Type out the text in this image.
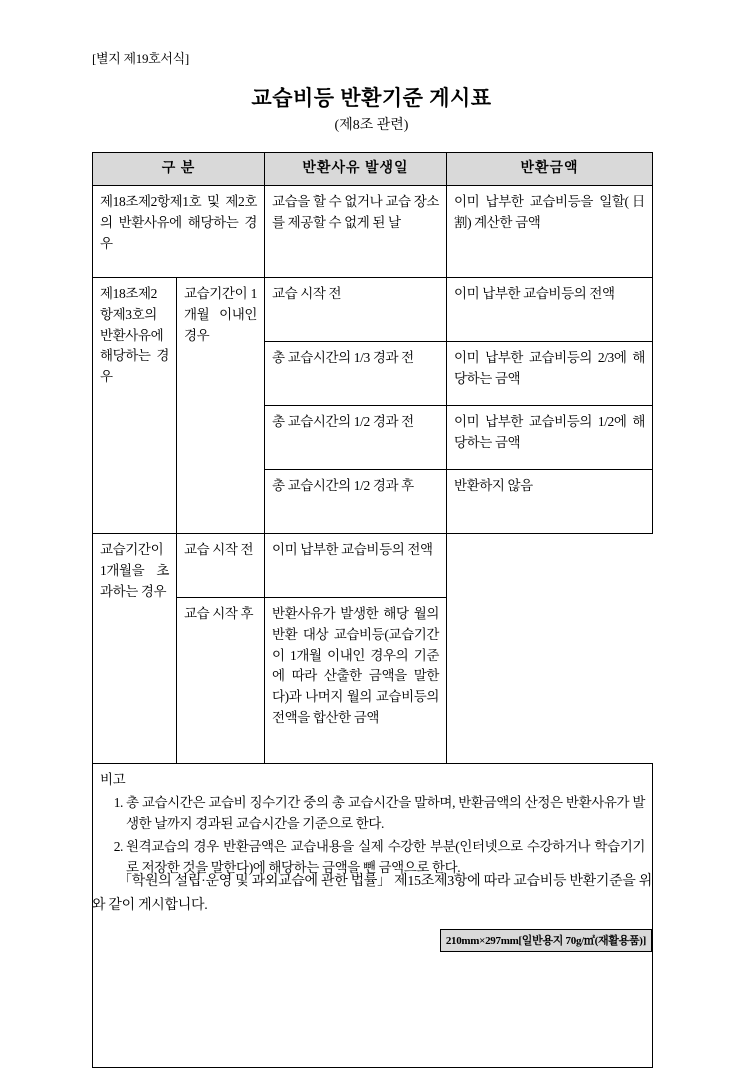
[별지 제19호서식]
교습비등 반환기준 게시표
(제8조 관련)
구 분		반환사유 발생일	반환금액
제18조제2항제1호 및 제2호의 반환사유에 해당하는 경우		교습을 할 수 없거나 교습 장소를 제공할 수 없게 된 날	이미 납부한 교습비등을 일할(日割) 계산한 금액
제18조제2항제3호의 반환사유에 해당하는 경우	교습기간이 1개월 이내인 경우	교습 시작 전	이미 납부한 교습비등의 전액
		총 교습시간의 1/3 경과 전	이미 납부한 교습비등의 2/3에 해당하는 금액
		총 교습시간의 1/2 경과 전	이미 납부한 교습비등의 1/2에 해당하는 금액
		총 교습시간의 1/2 경과 후	반환하지 않음
교습기간이 1개월을 초과하는 경우	교습 시작 전	이미 납부한 교습비등의 전액	
	교습 시작 후	반환사유가 발생한 해당 월의 반환 대상 교습비등(교습기간이 1개월 이내인 경우의 기준에 따라 산출한 금액을 말한다)과 나머지 월의 교습비등의 전액을 합산한 금액	

비고

1. 총 교습시간은 교습비 징수기간 중의 총 교습시간을 말하며, 반환금액의 산정은 반환사유가 발생한 날까지 경과된 교습시간을 기준으로 한다.
2. 원격교습의 경우 반환금액은 교습내용을 실제 수강한 부분(인터넷으로 수강하거나 학습기기로 저장한 것을 말한다)에 해당하는 금액을 뺀 금액으로 한다.
「학원의 설립·운영 및 과외교습에 관한 법률」 제15조제3항에 따라 교습비등 반환기준을 위와 같이 게시합니다.
210mm×297mm[일반용지 70g/㎡(재활용품)]
